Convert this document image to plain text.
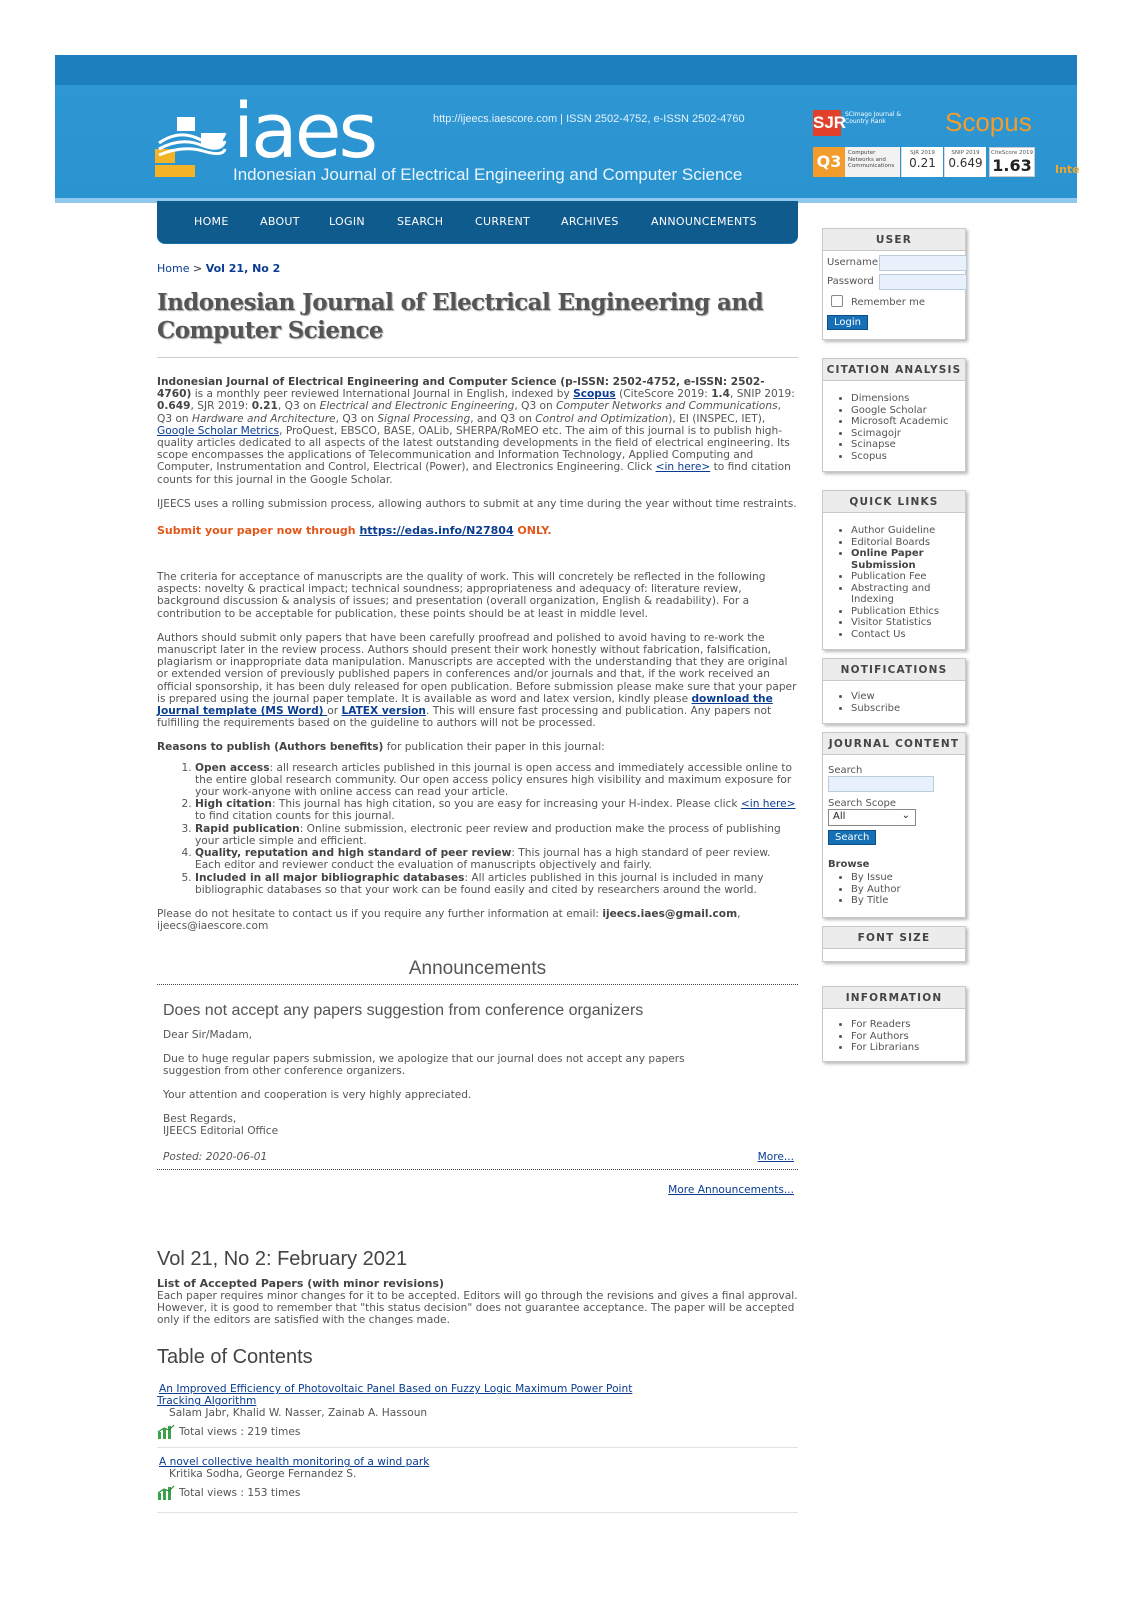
iaes
Indonesian Journal of Electrical Engineering and Computer Science
http://ijeecs.iaescore.com | ISSN 2502-4752, e-ISSN 2502-4760	SJR
SCImago Journal & Country Rank	Scopus
Q3	Computer Networks and Communications
SJR 2019
0.21
SNIP 2019
0.649
CiteScore 2019
1.63 Inte
HOME	ABOUT	LOGIN	SEARCH	CURRENT	ARCHIVES	ANNOUNCEMENTS
Home > Vol 21, No 2
Indonesian Journal of Electrical Engineering and Computer Science
Indonesian Journal of Electrical Engineering and Computer Science (p-ISSN: 2502-4752, e-ISSN: 2502-4760) is a monthly peer reviewed International Journal in English, indexed by Scopus (CiteScore 2019: 1.4, SNIP 2019: 0.649, SJR 2019: 0.21, Q3 on Electrical and Electronic Engineering, Q3 on Computer Networks and Communications, Q3 on Hardware and Architecture, Q3 on Signal Processing, and Q3 on Control and Optimization), EI (INSPEC, IET), Google Scholar Metrics, ProQuest, EBSCO, BASE, OALib, SHERPA/RoMEO etc. The aim of this journal is to publish high-quality articles dedicated to all aspects of the latest outstanding developments in the field of electrical engineering. Its scope encompasses the applications of Telecommunication and Information Technology, Applied Computing and Computer, Instrumentation and Control, Electrical (Power), and Electronics Engineering. Click <in here> to find citation counts for this journal in the Google Scholar.
IJEECS uses a rolling submission process, allowing authors to submit at any time during the year without time restraints.
Submit your paper now through https://edas.info/N27804 ONLY.
The criteria for acceptance of manuscripts are the quality of work. This will concretely be reflected in the following aspects: novelty & practical impact; technical soundness; appropriateness and adequacy of: literature review, background discussion & analysis of issues; and presentation (overall organization, English & readability). For a contribution to be acceptable for publication, these points should be at least in middle level.
Authors should submit only papers that have been carefully proofread and polished to avoid having to re-work the manuscript later in the review process. Authors should present their work honestly without fabrication, falsification, plagiarism or inappropriate data manipulation. Manuscripts are accepted with the understanding that they are original or extended version of previously published papers in conferences and/or journals and that, if the work received an official sponsorship, it has been duly released for open publication. Before submission please make sure that your paper is prepared using the journal paper template. It is available as word and latex version, kindly please download the Journal template (MS Word) or LATEX version. This will ensure fast processing and publication. Any papers not fulfilling the requirements based on the guideline to authors will not be processed.
Reasons to publish (Authors benefits) for publication their paper in this journal:
1. Open access: all research articles published in this journal is open access and immediately accessible online to the entire global research community. Our open access policy ensures high visibility and maximum exposure for your work-anyone with online access can read your article.
2. High citation: This journal has high citation, so you are easy for increasing your H-index. Please click <in here> to find citation counts for this journal.
3. Rapid publication: Online submission, electronic peer review and production make the process of publishing your article simple and efficient.
4. Quality, reputation and high standard of peer review: This journal has a high standard of peer review. Each editor and reviewer conduct the evaluation of manuscripts objectively and fairly.
5. Included in all major bibliographic databases: All articles published in this journal is included in many bibliographic databases so that your work can be found easily and cited by researchers around the world.
Please do not hesitate to contact us if you require any further information at email: ijeecs.iaes@gmail.com, ijeecs@iaescore.com
Announcements
Does not accept any papers suggestion from conference organizers
Dear Sir/Madam,
Due to huge regular papers submission, we apologize that our journal does not accept any papers suggestion from other conference organizers.
Your attention and cooperation is very highly appreciated.
Best Regards,
IJEECS Editorial Office
Posted: 2020-06-01	More...
More Announcements...
Vol 21, No 2: February 2021
List of Accepted Papers (with minor revisions)
Each paper requires minor changes for it to be accepted. Editors will go through the revisions and gives a final approval. However, it is good to remember that "this status decision" does not guarantee acceptance. The paper will be accepted only if the editors are satisfied with the changes made.
Table of Contents
An Improved Efficiency of Photovoltaic Panel Based on Fuzzy Logic Maximum Power Point Tracking Algorithm
Salam Jabr, Khalid W. Nasser, Zainab A. Hassoun
Total views : 219 times
A novel collective health monitoring of a wind park
Kritika Sodha, George Fernandez S.
Total views : 153 times
USER
Username
Password
Remember me
Login
CITATION ANALYSIS
• Dimensions
• Google Scholar
• Microsoft Academic
• Scimagojr
• Scinapse
• Scopus
QUICK LINKS
• Author Guideline
• Editorial Boards
• Online Paper Submission
• Publication Fee
• Abstracting and Indexing
• Publication Ethics
• Visitor Statistics
• Contact Us
NOTIFICATIONS
• View
• Subscribe
JOURNAL CONTENT
Search
Search Scope
All	⌄
Search
Browse
• By Issue
• By Author
• By Title
FONT SIZE
INFORMATION
• For Readers
• For Authors
• For Librarians
